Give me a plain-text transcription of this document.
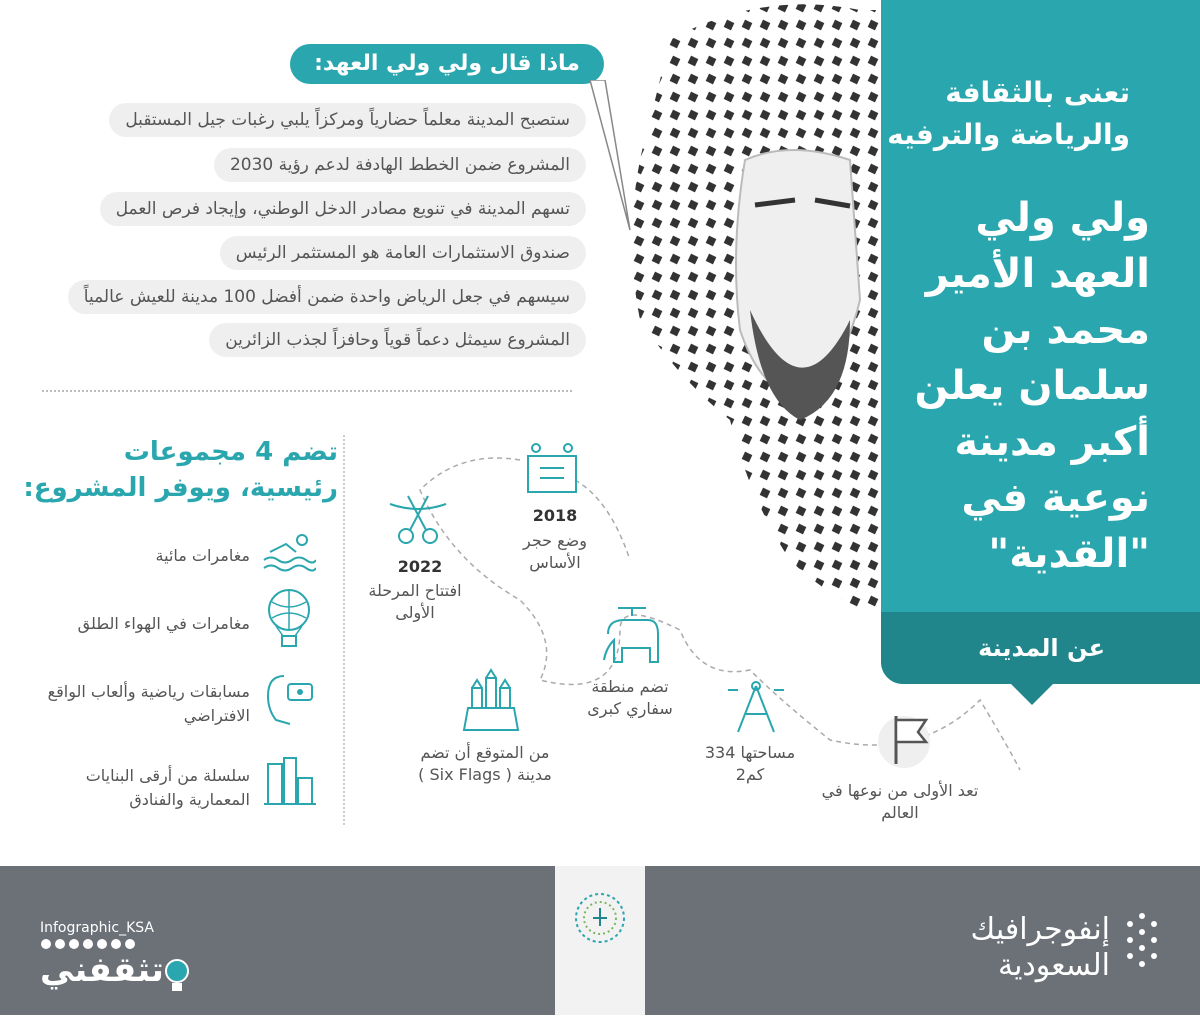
تعنى بالثقافة والرياضة والترفيه
ولي ولي العهد الأمير محمد بن سلمان يعلن أكبر مدينة نوعية في "القدية"
عن المدينة
ماذا قال ولي ولي العهد:
ستصبح المدينة معلماً حضارياً ومركزاً يلبي رغبات جيل المستقبل
المشروع ضمن الخطط الهادفة لدعم رؤية 2030
تسهم المدينة في تنويع مصادر الدخل الوطني، وإيجاد فرص العمل
صندوق الاستثمارات العامة هو المستثمر الرئيس
سيسهم في جعل الرياض واحدة ضمن أفضل 100 مدينة للعيش عالمياً
المشروع سيمثل دعماً قوياً وحافزاً لجذب الزائرين
تضم 4 مجموعات رئيسية، ويوفر المشروع:
مغامرات مائية
مغامرات في الهواء الطلق
مسابقات رياضية وألعاب الواقع الافتراضي
سلسلة من أرقى البنايات المعمارية والفنادق
2018
وضع حجر الأساس
2022
افتتاح المرحلة الأولى
من المتوقع أن تضم مدينة ( Six Flags )
تضم منطقة سفاري كبرى
مساحتها 334 كم2
تعد الأولى من نوعها في العالم
إنفوجرافيك السعودية
Infographic_KSA
تثقفني
